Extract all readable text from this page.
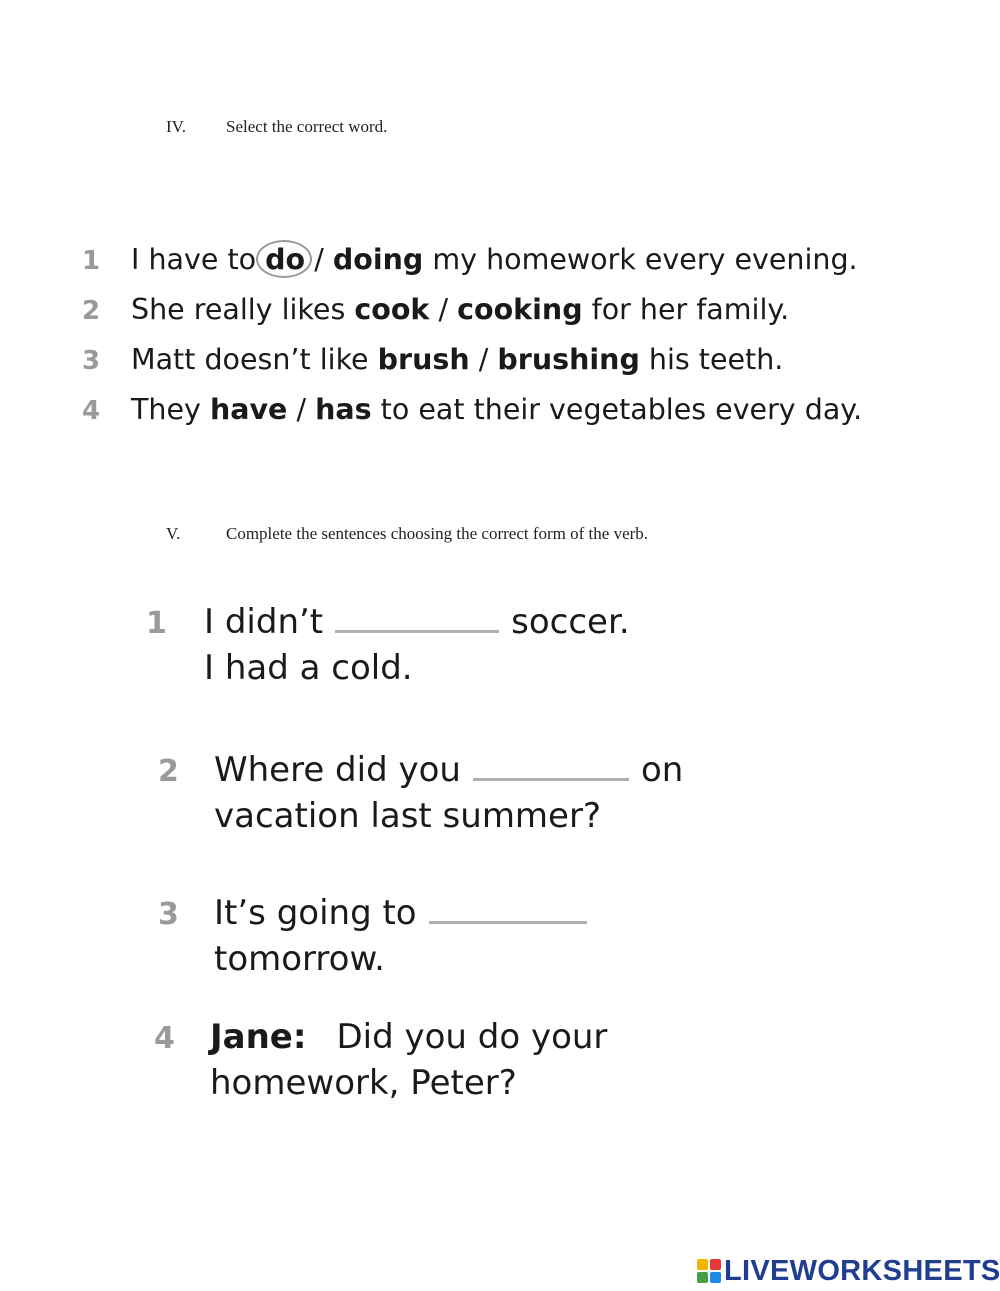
IV. Select the correct word.
1 I have to do / doing my homework every evening.
2 She really likes cook / cooking for her family.
3 Matt doesn’t like brush / brushing his teeth.
4 They have / has to eat their vegetables every day.
V.	Complete the sentences choosing the correct form of the verb.
1 I didn’t	soccer.
I had a cold.
2 Where did you	on
vacation last summer?
3 It’s going to
tomorrow.
4 Jane: Did you do your
homework, Peter?
LIVEWORKSHEETS
